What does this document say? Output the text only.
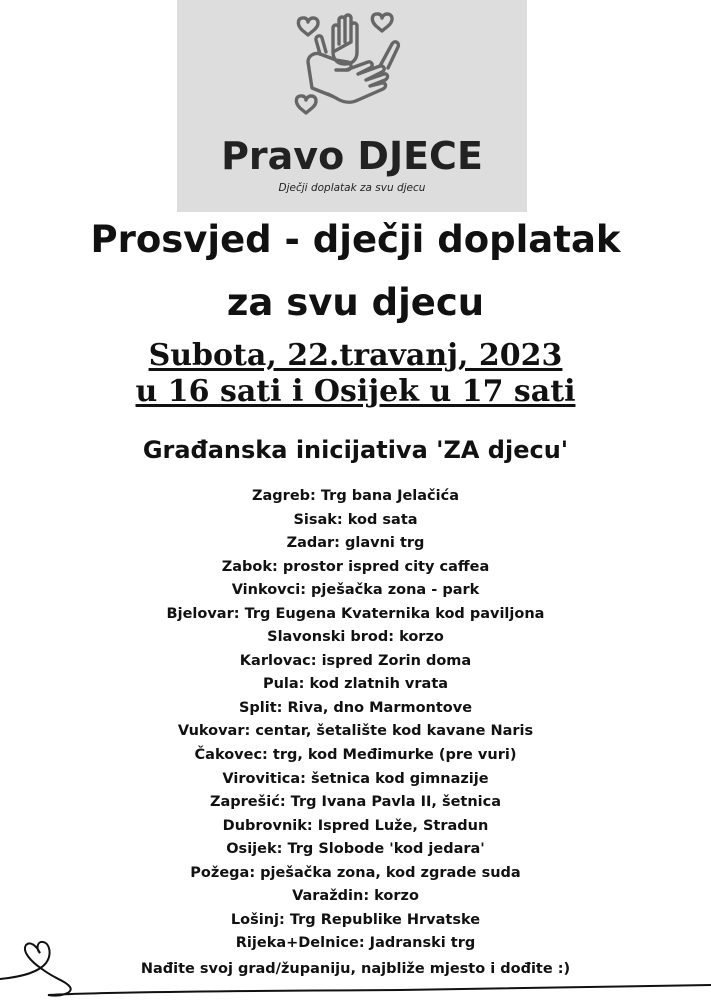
Pravo DJECE
Dječji doplatak za svu djecu
Prosvjed - dječji doplatak
za svu djecu
Subota, 22.travanj, 2023
u 16 sati i Osijek u 17 sati
Građanska inicijativa 'ZA djecu'
Zagreb: Trg bana Jelačića
Sisak: kod sata
Zadar: glavni trg
Zabok: prostor ispred city caffea
Vinkovci: pješačka zona - park
Bjelovar: Trg Eugena Kvaternika kod paviljona
Slavonski brod: korzo
Karlovac: ispred Zorin doma
Pula: kod zlatnih vrata
Split: Riva, dno Marmontove
Vukovar: centar, šetalište kod kavane Naris
Čakovec: trg, kod Međimurke (pre vuri)
Virovitica: šetnica kod gimnazije
Zaprešić: Trg Ivana Pavla II, šetnica
Dubrovnik: Ispred Luže, Stradun
Osijek: Trg Slobode 'kod jedara'
Požega: pješačka zona, kod zgrade suda
Varaždin: korzo
Lošinj: Trg Republike Hrvatske
Rijeka+Delnice: Jadranski trg
Nađite svoj grad/županiju, najbliže mjesto i dođite :)
